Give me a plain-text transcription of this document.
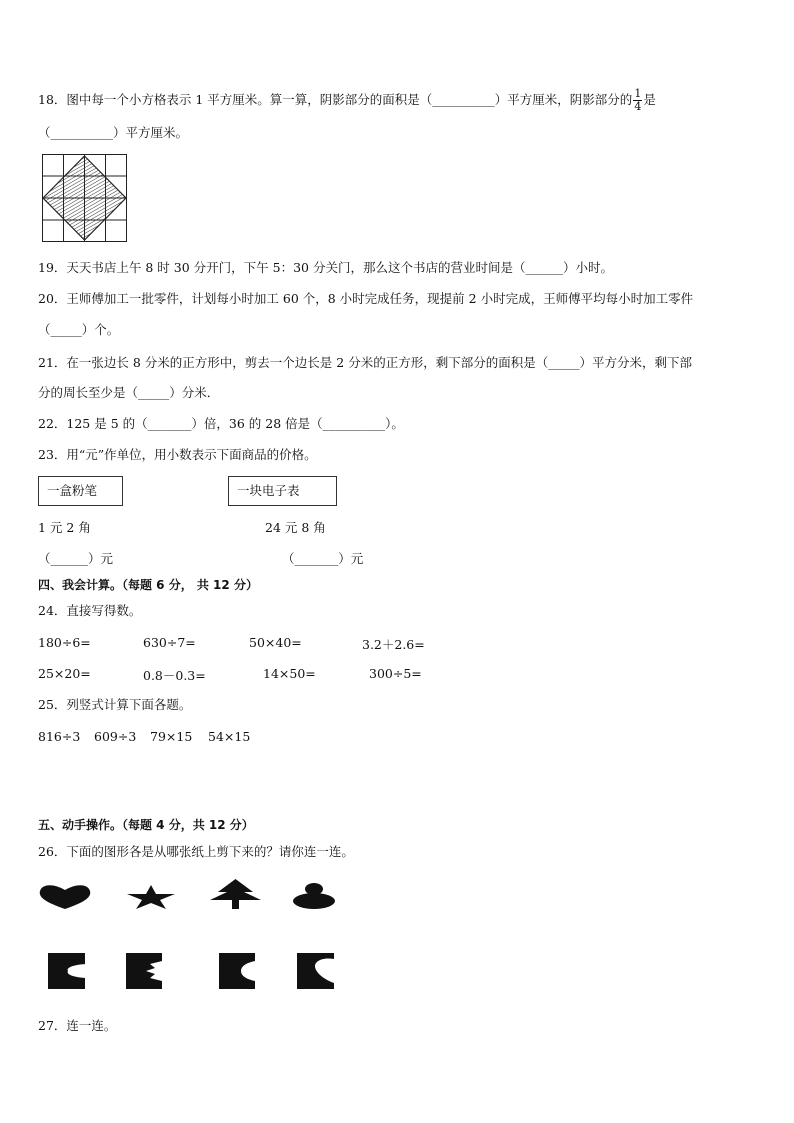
18．图中每一个小方格表示 1 平方厘米。算一算，阴影部分的面积是（__________）平方厘米，阴影部分的 $\frac{1}{4}$ 是
（__________）平方厘米。
19．天天书店上午 8 时 30 分开门，下午 5：30 分关门，那么这个书店的营业时间是（______）小时。
20．王师傅加工一批零件，计划每小时加工 60 个，8 小时完成任务，现提前 2 小时完成，王师傅平均每小时加工零件
（_____）个。
21．在一张边长 8 分米的正方形中，剪去一个边长是 2 分米的正方形，剩下部分的面积是（_____）平方分米，剩下部
分的周长至少是（_____）分米．
22．125 是 5 的（_______）倍，36 的 28 倍是（__________）。
23．用“元”作单位，用小数表示下面商品的价格。
一盒粉笔	一块电子表
1 元 2 角	24 元 8 角
（______）元	（_______）元
四、我会计算。（每题 6 分， 共 12 分）
24．直接写得数。
180÷6=	630÷7=	50×40=	3.2＋2.6=
25×20=	0.8－0.3=	14×50=	300÷5=
25．列竖式计算下面各题。
816÷3 609÷3 79×15 54×15
五、动手操作。（每题 4 分，共 12 分）
26．下面的图形各是从哪张纸上剪下来的？请你连一连。
27．连一连。
